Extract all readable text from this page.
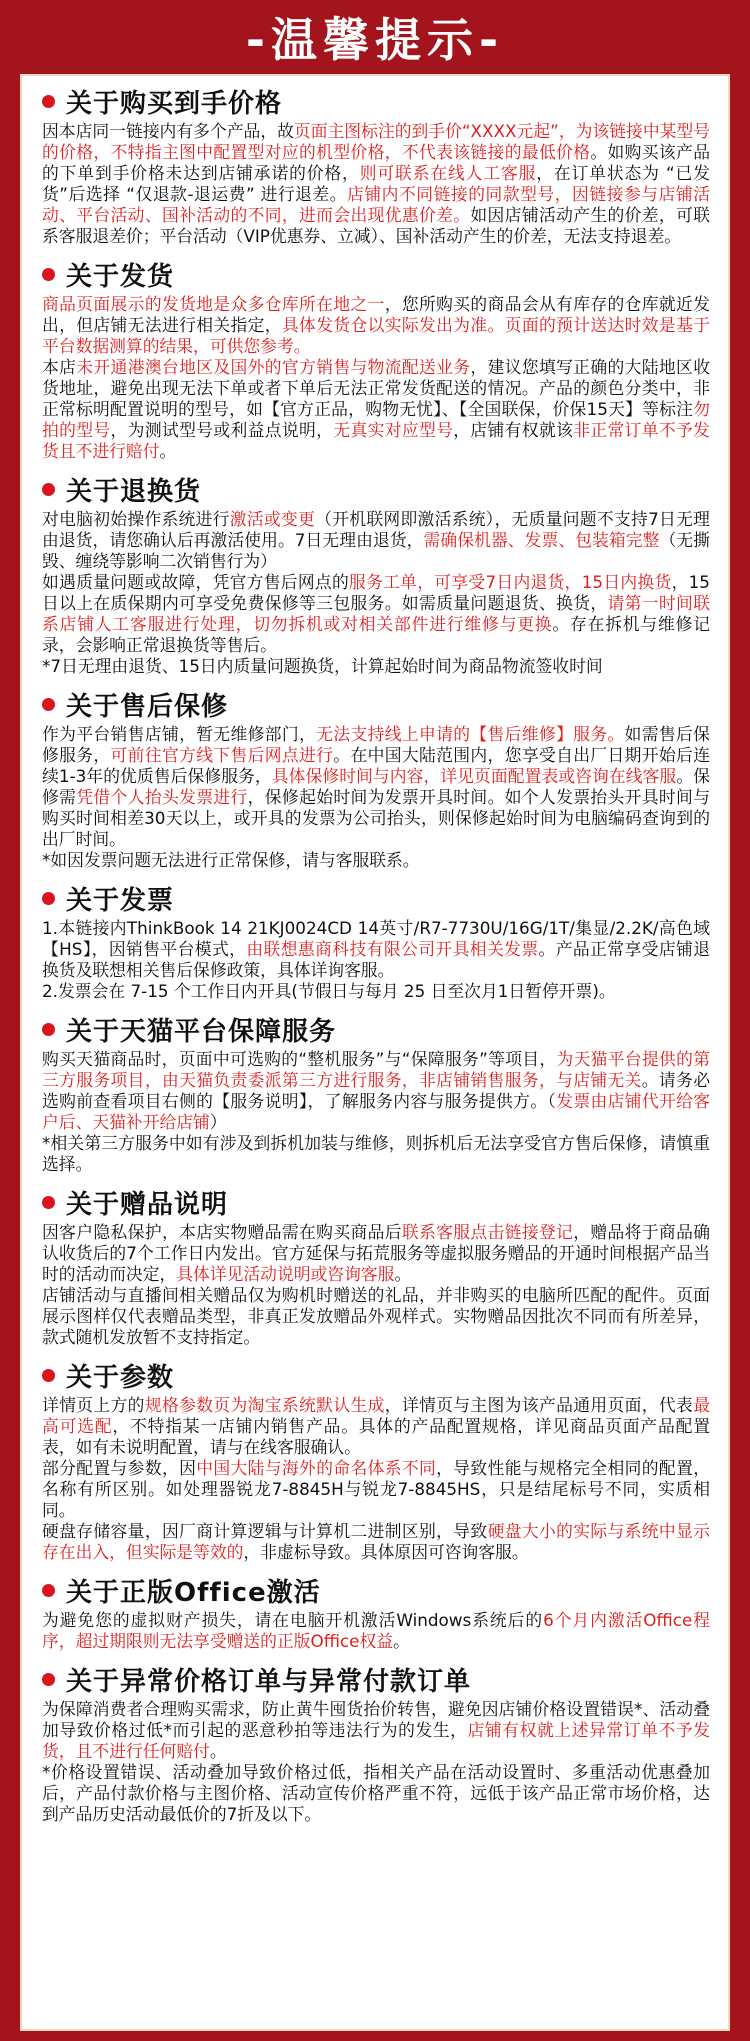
-温馨提示-
关于购买到手价格

因本店同一链接内有多个产品，故页面主图标注的到手价“XXXX元起”，为该链接中某型号的价格，不特指主图中配置型对应的机型价格，不代表该链接的最低价格。如购买该产品的下单到手价格未达到店铺承诺的价格，则可联系在线人工客服，在订单状态为 “已发货”后选择 “仅退款-退运费” 进行退差。店铺内不同链接的同款型号，因链接参与店铺活动、平台活动、国补活动的不同，进而会出现优惠价差。如因店铺活动产生的价差，可联系客服退差价；平台活动（VIP优惠券、立减）、国补活动产生的价差，无法支持退差。

关于发货

商品页面展示的发货地是众多仓库所在地之一，您所购买的商品会从有库存的仓库就近发出，但店铺无法进行相关指定，具体发货仓以实际发出为准。页面的预计送达时效是基于平台数据测算的结果，可供您参考。

本店未开通港澳台地区及国外的官方销售与物流配送业务，建议您填写正确的大陆地区收货地址，避免出现无法下单或者下单后无法正常发货配送的情况。产品的颜色分类中，非正常标明配置说明的型号，如【官方正品，购物无忧】、【全国联保，价保15天】等标注勿拍的型号，为测试型号或利益点说明，无真实对应型号，店铺有权就该非正常订单不予发货且不进行赔付。

关于退换货

对电脑初始操作系统进行激活或变更（开机联网即激活系统），无质量问题不支持7日无理由退货，请您确认后再激活使用。7日无理由退货，需确保机器、发票、包装箱完整（无撕毁、缠绕等影响二次销售行为）

如遇质量问题或故障，凭官方售后网点的服务工单，可享受7日内退货，15日内换货，15日以上在质保期内可享受免费保修等三包服务。如需质量问题退货、换货，请第一时间联系店铺人工客服进行处理，切勿拆机或对相关部件进行维修与更换。存在拆机与维修记录，会影响正常退换货等售后。

*7日无理由退货、15日内质量问题换货，计算起始时间为商品物流签收时间

关于售后保修

作为平台销售店铺，暂无维修部门，无法支持线上申请的【售后维修】服务。如需售后保修服务，可前往官方线下售后网点进行。在中国大陆范围内，您享受自出厂日期开始后连续1-3年的优质售后保修服务，具体保修时间与内容，详见页面配置表或咨询在线客服。保修需凭借个人抬头发票进行，保修起始时间为发票开具时间。如个人发票抬头开具时间与购买时间相差30天以上，或开具的发票为公司抬头，则保修起始时间为电脑编码查询到的出厂时间。

*如因发票问题无法进行正常保修，请与客服联系。

关于发票

1.本链接内ThinkBook 14 21KJ0024CD 14英寸/R7-7730U/16G/1T/集显/2.2K/高色域【HS】，因销售平台模式，由联想惠商科技有限公司开具相关发票。产品正常享受店铺退换货及联想相关售后保修政策，具体详询客服。

2.发票会在 7-15 个工作日内开具(节假日与每月 25 日至次月1日暂停开票)。

关于天猫平台保障服务

购买天猫商品时，页面中可选购的“整机服务”与“保障服务”等项目，为天猫平台提供的第三方服务项目，由天猫负责委派第三方进行服务，非店铺销售服务，与店铺无关。请务必选购前查看项目右侧的【服务说明】，了解服务内容与服务提供方。（发票由店铺代开给客户后、天猫补开给店铺）

*相关第三方服务中如有涉及到拆机加装与维修，则拆机后无法享受官方售后保修，请慎重选择。

关于赠品说明

因客户隐私保护，本店实物赠品需在购买商品后联系客服点击链接登记，赠品将于商品确认收货后的7个工作日内发出。官方延保与拓荒服务等虚拟服务赠品的开通时间根据产品当时的活动而决定，具体详见活动说明或咨询客服。

店铺活动与直播间相关赠品仅为购机时赠送的礼品，并非购买的电脑所匹配的配件。页面展示图样仅代表赠品类型，非真正发放赠品外观样式。实物赠品因批次不同而有所差异，款式随机发放暂不支持指定。

关于参数

详情页上方的规格参数页为淘宝系统默认生成，详情页与主图为该产品通用页面，代表最高可选配，不特指某一店铺内销售产品。具体的产品配置规格，详见商品页面产品配置表，如有未说明配置，请与在线客服确认。

部分配置与参数，因中国大陆与海外的命名体系不同，导致性能与规格完全相同的配置，名称有所区别。如处理器锐龙7-8845H与锐龙7-8845HS，只是结尾标号不同，实质相同。

硬盘存储容量，因厂商计算逻辑与计算机二进制区别，导致硬盘大小的实际与系统中显示存在出入，但实际是等效的，非虚标导致。具体原因可咨询客服。

关于正版Office激活

为避免您的虚拟财产损失，请在电脑开机激活Windows系统后的6个月内激活Office程序，超过期限则无法享受赠送的正版Office权益。

关于异常价格订单与异常付款订单

为保障消费者合理购买需求，防止黄牛囤货抬价转售，避免因店铺价格设置错误*、活动叠加导致价格过低*而引起的恶意秒拍等违法行为的发生，店铺有权就上述异常订单不予发货，且不进行任何赔付。

*价格设置错误、活动叠加导致价格过低，指相关产品在活动设置时、多重活动优惠叠加后，产品付款价格与主图价格、活动宣传价格严重不符，远低于该产品正常市场价格，达到产品历史活动最低价的7折及以下。
